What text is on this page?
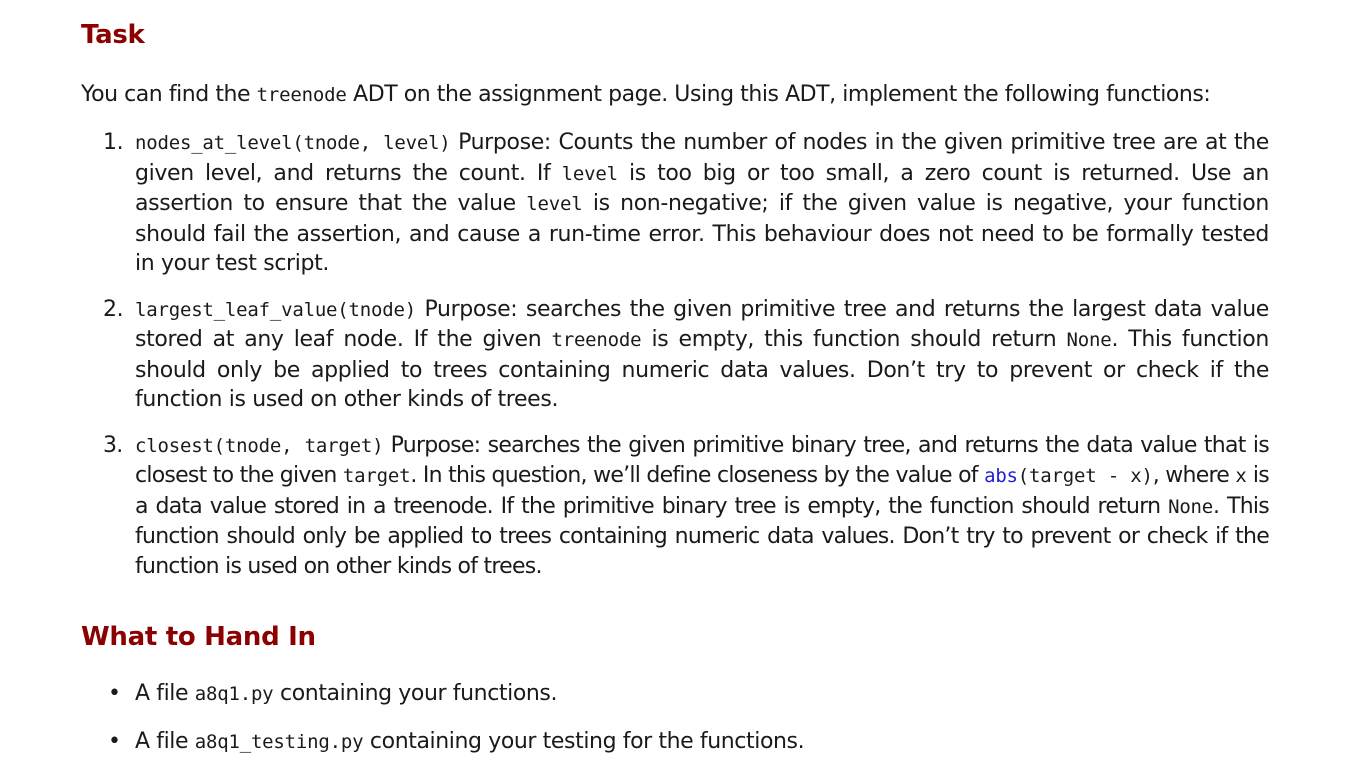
Task

You can find the treenode ADT on the assignment page. Using this ADT, implement the following functions:

1. nodes_at_level(tnode, level) Purpose: Counts the number of nodes in the given primitive tree are at the given level, and returns the count. If level is too big or too small, a zero count is returned. Use an assertion to ensure that the value level is non-negative; if the given value is negative, your function should fail the assertion, and cause a run-time error. This behaviour does not need to be formally tested in your test script.
2. largest_leaf_value(tnode) Purpose: searches the given primitive tree and returns the largest data value stored at any leaf node. If the given treenode is empty, this function should return None. This function should only be applied to trees containing numeric data values. Don’t try to prevent or check if the function is used on other kinds of trees.
3. closest(tnode, target) Purpose: searches the given primitive binary tree, and returns the data value that is closest to the given target. In this question, we’ll define closeness by the value of abs(target - x), where x is a data value stored in a treenode. If the primitive binary tree is empty, the function should return None. This function should only be applied to trees containing numeric data values. Don’t try to prevent or check if the function is used on other kinds of trees.
What to Hand In
• A file a8q1.py containing your functions.
• A file a8q1_testing.py containing your testing for the functions.
